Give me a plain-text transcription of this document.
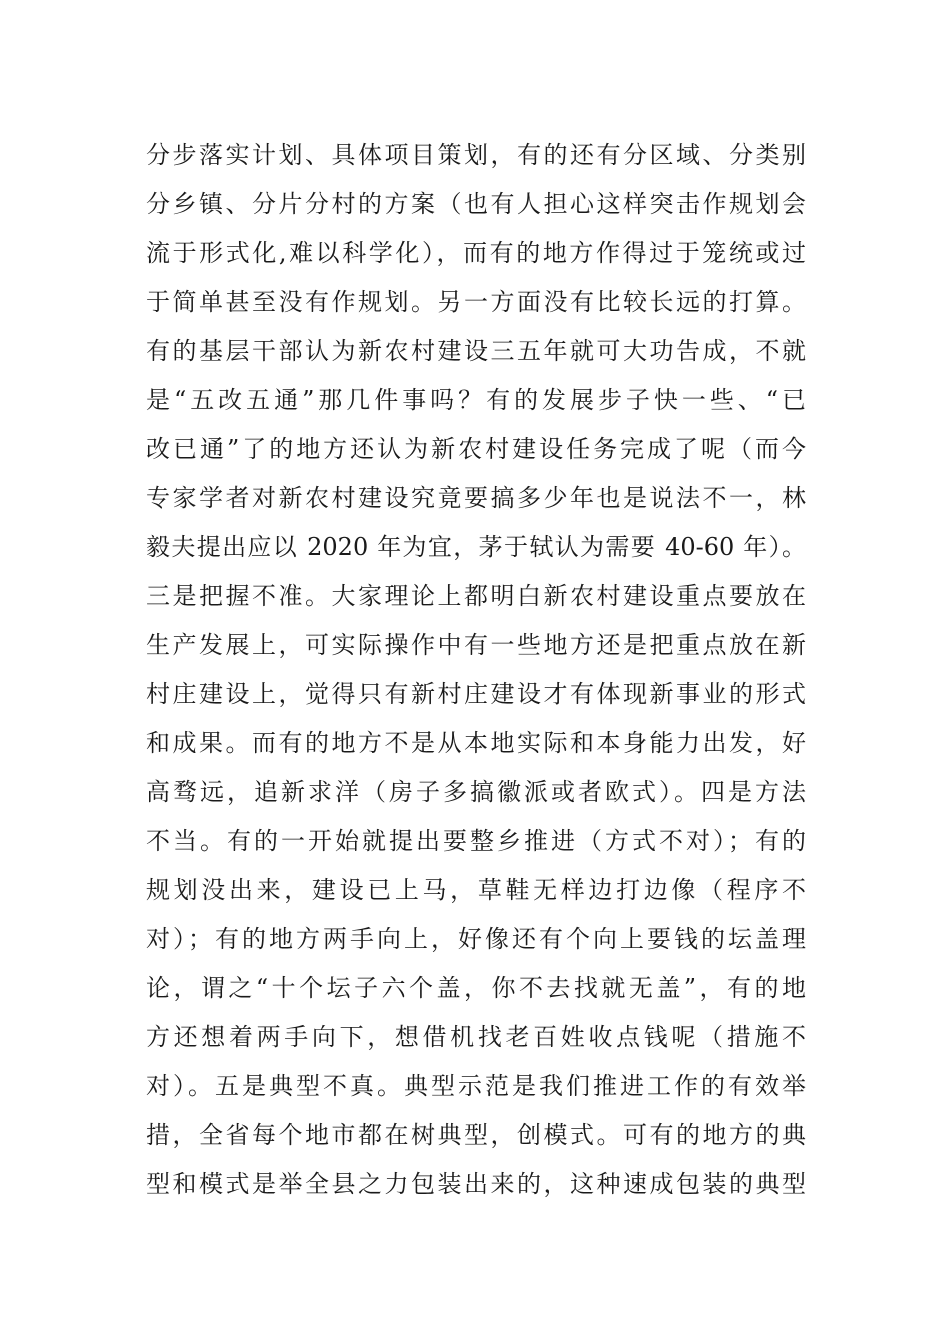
分步落实计划、具体项目策划，有的还有分区域、分类别
分乡镇、分片分村的方案（也有人担心这样突击作规划会
流于形式化,难以科学化），而有的地方作得过于笼统或过
于简单甚至没有作规划。另一方面没有比较长远的打算。
有的基层干部认为新农村建设三五年就可大功告成，不就
是“五改五通”那几件事吗？有的发展步子快一些、“已
改已通”了的地方还认为新农村建设任务完成了呢（而今
专家学者对新农村建设究竟要搞多少年也是说法不一，林
毅夫提出应以 2020 年为宜，茅于轼认为需要 40-60 年）。
三是把握不准。大家理论上都明白新农村建设重点要放在
生产发展上，可实际操作中有一些地方还是把重点放在新
村庄建设上，觉得只有新村庄建设才有体现新事业的形式
和成果。而有的地方不是从本地实际和本身能力出发，好
高骛远，追新求洋（房子多搞徽派或者欧式）。四是方法
不当。有的一开始就提出要整乡推进（方式不对）；有的
规划没出来，建设已上马，草鞋无样边打边像（程序不
对）；有的地方两手向上，好像还有个向上要钱的坛盖理
论，谓之“十个坛子六个盖，你不去找就无盖”，有的地
方还想着两手向下，想借机找老百姓收点钱呢（措施不
对）。五是典型不真。典型示范是我们推进工作的有效举
措，全省每个地市都在树典型，创模式。可有的地方的典
型和模式是举全县之力包装出来的，这种速成包装的典型
